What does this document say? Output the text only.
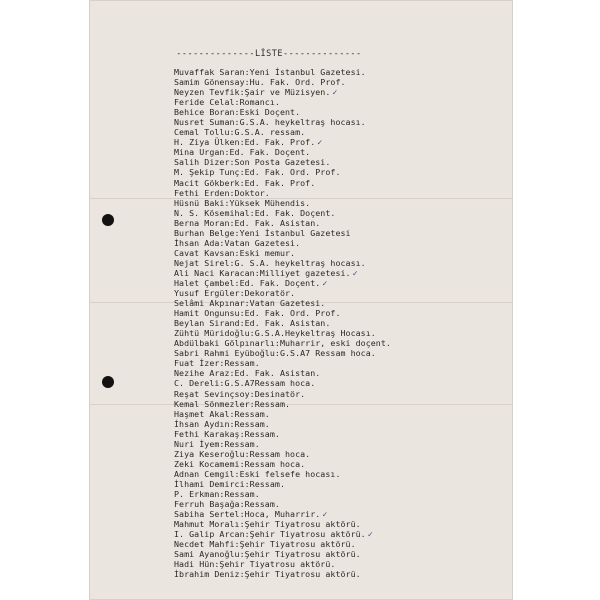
--------------LİSTE--------------
Muvaffak Saran:Yeni İstanbul Gazetesi.
Samim Gönensay:Hu. Fak. Ord. Prof.
Neyzen Tevfik:Şair ve Müzisyen. ✓
Feride Celal:Romancı.
Behice Boran:Eski Doçent.
Nusret Suman:G.S.A. heykeltraş hocası.
Cemal Tollu:G.S.A. ressam.
H. Ziya Ülken:Ed. Fak. Prof. ✓
Mina Urgan:Ed. Fak. Doçent.
Salih Dizer:Son Posta Gazetesi.
M. Şekip Tunç:Ed. Fak. Ord. Prof.
Macit Gökberk:Ed. Fak. Prof.
Fethi Erden:Doktor.
Hüsnü Baki:Yüksek Mühendis.
N. S. Kösemihal:Ed. Fak. Doçent.
Berna Moran:Ed. Fak. Asistan.
Burhan Belge:Yeni İstanbul Gazetesi
İhsan Ada:Vatan Gazetesi.
Cavat Kavsan:Eski memur.
Nejat Sirel:G. S.A. heykeltraş hocası.
Ali Naci Karacan:Milliyet gazetesi. ✓
Halet Çambel:Ed. Fak. Doçent. ✓
Yusuf Ergüler:Dekoratör.
Selâmi Akpınar:Vatan Gazetesi.
Hamit Ongunsu:Ed. Fak. Ord. Prof.
Beylan Sirand:Ed. Fak. Asistan.
Zühtü Müridoğlu:G.S.A.Heykeltraş Hocası.
Abdülbaki Gölpınarlı:Muharrir, eski doçent.
Sabri Rahmi Eyüboğlu:G.S.A7 Ressam hoca.
Fuat İzer:Ressam.
Nezihe Araz:Ed. Fak. Asistan.
C. Dereli:G.S.A7Ressam hoca.
Reşat Sevinçsoy:Desinatör.
Kemal Sönmezler:Ressam.
Haşmet Akal:Ressam.
İhsan Aydın:Ressam.
Fethi Karakaş:Ressam.
Nuri İyem:Ressam.
Ziya Keseroğlu:Ressam hoca.
Zeki Kocamemi:Ressam hoca.
Adnan Cemgil:Eski felsefe hocası.
İlhami Demirci:Ressam.
P. Erkman:Ressam.
Ferruh Başağa:Ressam.
Sabiha Sertel:Hoca, Muharrir. ✓
Mahmut Moralı:Şehir Tiyatrosu aktörü.
I. Galip Arcan:Şehir Tiyatrosu aktörü. ✓
Necdet Mahfi:Şehir Tiyatrosu aktörü.
Sami Ayanoğlu:Şehir Tiyatrosu aktörü.
Hadi Hün:Şehir Tiyatrosu aktörü.
İbrahim Deniz:Şehir Tiyatrosu aktörü.
